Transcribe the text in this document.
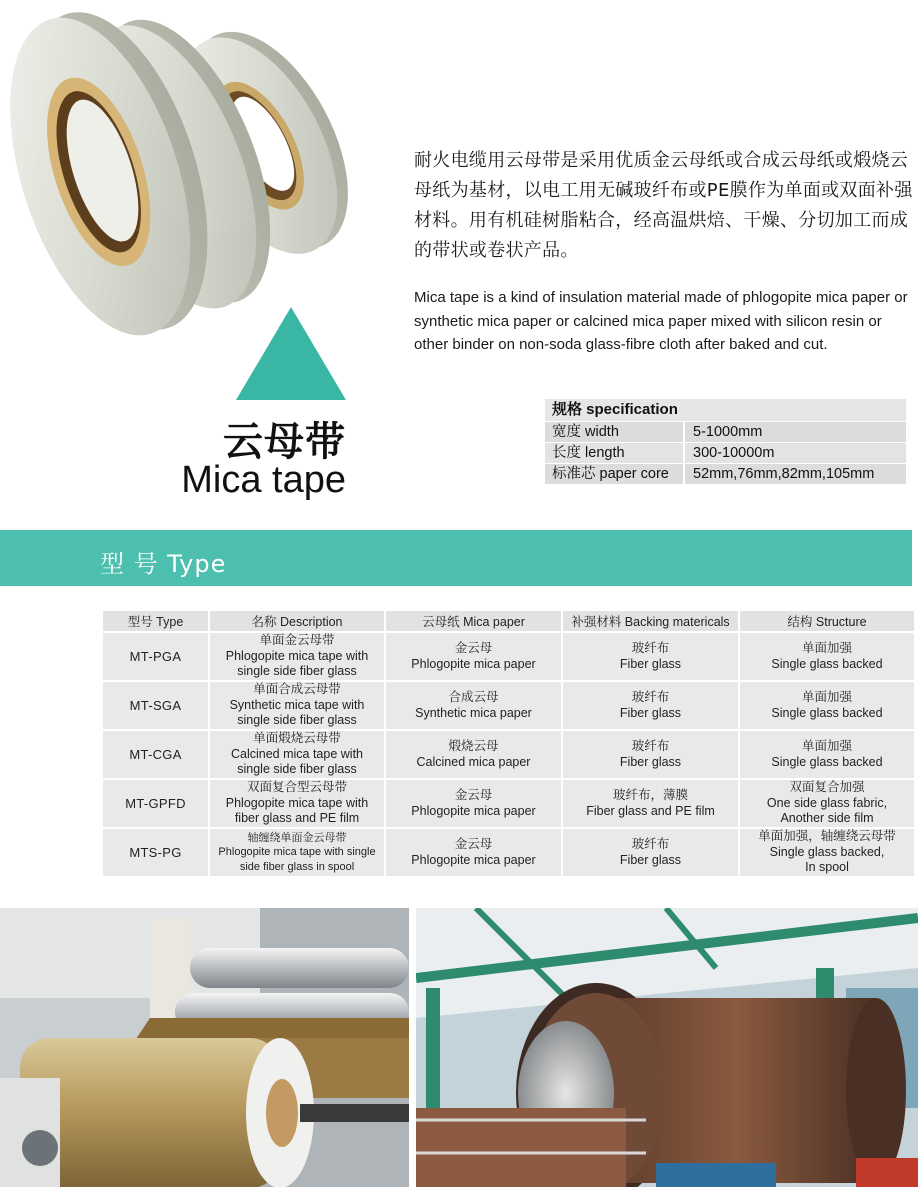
云母带
Mica tape

耐火电缆用云母带是采用优质金云母纸或合成云母纸或煅烧云母纸为基材，以电工用无碱玻纤布或PE膜作为单面或双面补强材料。用有机硅树脂粘合，经高温烘焙、干燥、分切加工而成的带状或卷状产品。

Mica tape is a kind of insulation material made of phlogopite mica paper or synthetic mica paper or calcined mica paper mixed with silicon resin or other binder on non-soda glass-fibre cloth after baked and cut.

规格 specification
宽度 width	5-1000mm
长度 length	300-10000m
标准芯 paper core	52mm,76mm,82mm,105mm
型 号 Type
型号 Type	名称 Description	云母纸 Mica paper	补强材料 Backing matericals	结构 Structure
MT-PGA	单面金云母带
Phlogopite mica tape with
single side fiber glass	金云母
Phlogopite mica paper	玻纤布
Fiber glass	单面加强
Single glass backed

MT-SGA	单面合成云母带
Synthetic mica tape with
single side fiber glass	合成云母
Synthetic mica paper	玻纤布
Fiber glass	单面加强
Single glass backed

MT-CGA	单面煅烧云母带
Calcined mica tape with
single side fiber glass	煅烧云母
Calcined mica paper	玻纤布
Fiber glass	单面加强
Single glass backed

MT-GPFD	双面复合型云母带
Phlogopite mica tape with
fiber glass and PE film	金云母
Phlogopite mica paper	玻纤布，薄膜
Fiber glass and PE film	双面复合加强
One side glass fabric,
Another side film

MTS-PG	轴缠绕单面金云母带
Phlogopite mica tape with single
side fiber glass in spool	金云母
Phlogopite mica paper	玻纤布
Fiber glass	单面加强，轴缠绕云母带
Single glass backed,
In spool
